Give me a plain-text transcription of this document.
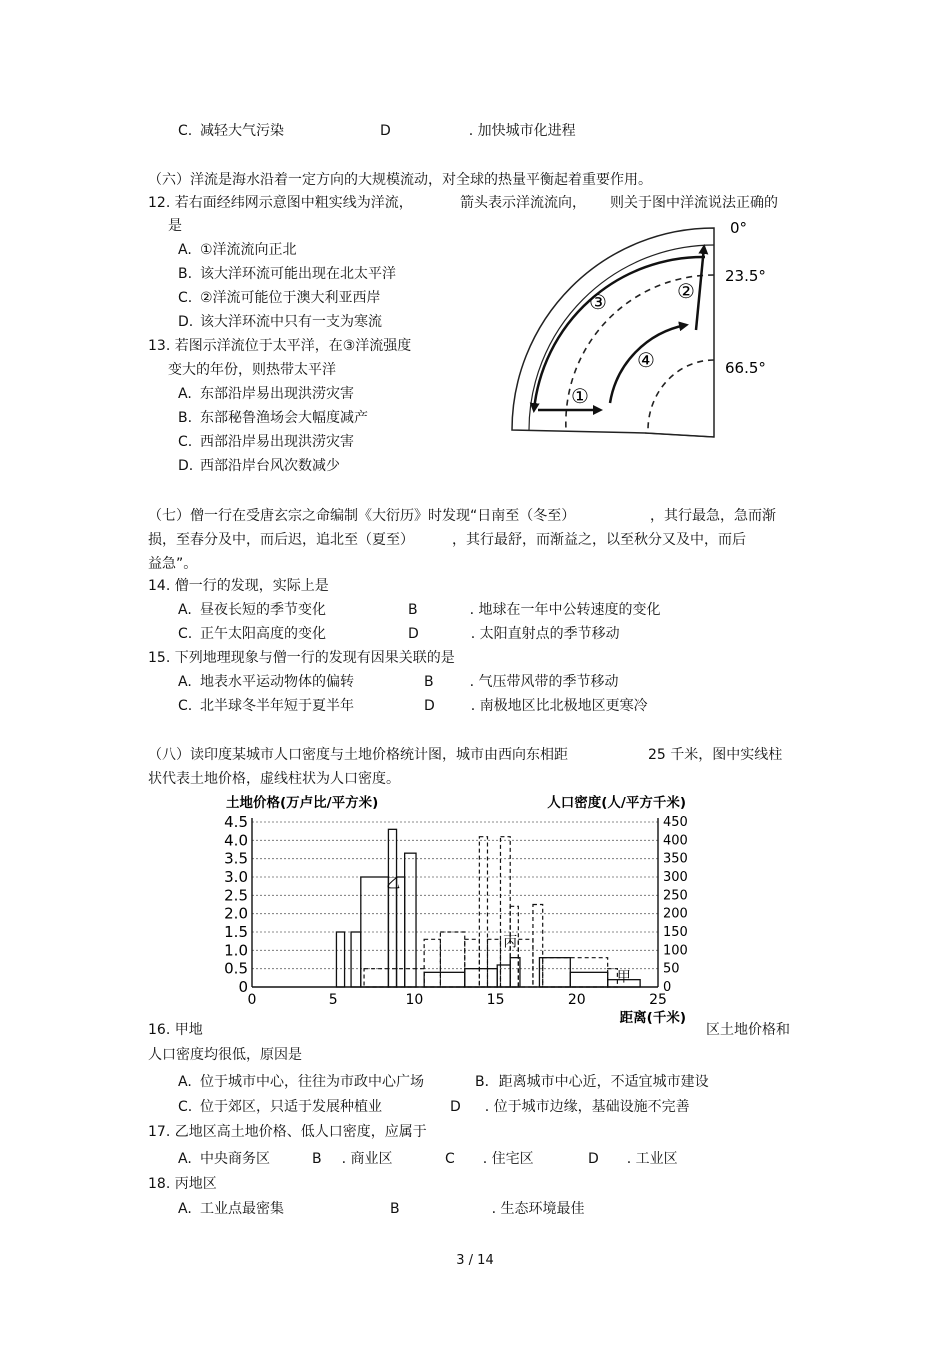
C. 减轻大气污染	D	. 加快城市化进程
（六）洋流是海水沿着一定方向的大规模流动，对全球的热量平衡起着重要作用。
12. 若右面经纬网示意图中粗实线为洋流，	箭头表示洋流流向， 则关于图中洋流说法正确的
是
A. ①洋流流向正北
B. 该大洋环流可能出现在北太平洋
C. ②洋流可能位于澳大利亚西岸
D. 该大洋环流中只有一支为寒流
13. 若图示洋流位于太平洋，在③洋流强度
变大的年份，则热带太平洋
A. 东部沿岸易出现洪涝灾害
B. 东部秘鲁渔场会大幅度减产
C. 西部沿岸易出现洪涝灾害
D. 西部沿岸台风次数减少
①
②
③
④
0°
23.5°
66.5°
（七）僧一行在受唐玄宗之命编制《大衍历》时发现“日南至（冬至）	，其行最急，急而渐
损，至春分及中，而后迟，追北至（夏至）	，其行最舒，而渐益之，以至秋分又及中，而后
益急”。
14. 僧一行的发现，实际上是
A. 昼夜长短的季节变化	B	. 地球在一年中公转速度的变化
C. 正午太阳高度的变化	D	. 太阳直射点的季节移动
15. 下列地理现象与僧一行的发现有因果关联的是
A. 地表水平运动物体的偏转	B	. 气压带风带的季节移动
C. 北半球冬半年短于夏半年	D	. 南极地区比北极地区更寒冷
（八）读印度某城市人口密度与土地价格统计图，城市由西向东相距	25 千米，图中实线柱
状代表土地价格，虚线柱状为人口密度。
0
0.5
1.0
1.5
2.0
2.5
3.0
3.5
4.0
4.5
0
50
100
150
200
250
300
350
400
450
0	5	10	15	20	25
土地价格(万卢比/平方米)	人口密度(人/平方千米)
距离(千米)
乙
丙
甲
16. 甲地	区土地价格和
人口密度均很低，原因是
A. 位于城市中心，往往为市政中心广场	B．距离城市中心近，不适宜城市建设
C. 位于郊区，只适于发展种植业	D . 位于城市边缘，基础设施不完善
17. 乙地区高土地价格、低人口密度，应属于
A. 中央商务区	B . 商业区	C . 住宅区	D . 工业区
18. 丙地区
A. 工业点最密集	B	. 生态环境最佳
3 / 14
